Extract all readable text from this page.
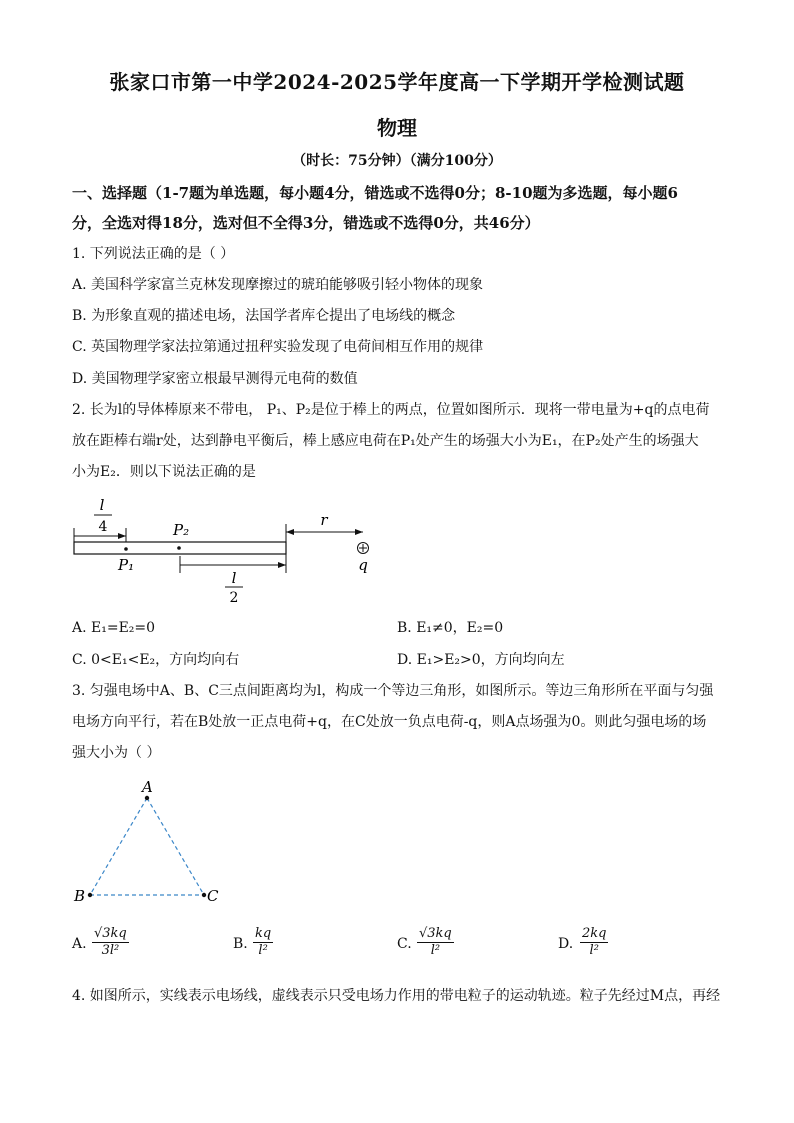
张家口市第一中学2024-2025学年度高一下学期开学检测试题
物理
（时长：75分钟）（满分100分）
一、选择题（1-7题为单选题，每小题4分，错选或不选得0分；8-10题为多选题，每小题6
分，全选对得18分，选对但不全得3分，错选或不选得0分，共46分）
1. 下列说法正确的是（ ）
A. 美国科学家富兰克林发现摩擦过的琥珀能够吸引轻小物体的现象
B. 为形象直观的描述电场，法国学者库仑提出了电场线的概念
C. 英国物理学家法拉第通过扭秤实验发现了电荷间相互作用的规律
D. 美国物理学家密立根最早测得元电荷的数值
2. 长为l的导体棒原来不带电， P₁、P₂是位于棒上的两点，位置如图所示．现将一带电量为+q的点电荷
放在距棒右端r处，达到静电平衡后，棒上感应电荷在P₁处产生的场强大小为E₁，在P₂处产生的场强大
小为E₂．则以下说法正确的是
l
4	P₂
P₁
r
q
l
2
A. E₁=E₂=0	B. E₁≠0，E₂=0
C. 0<E₁<E₂，方向均向右	D. E₁>E₂>0，方向均向左
3. 匀强电场中A、B、C三点间距离均为l，构成一个等边三角形，如图所示。等边三角形所在平面与匀强
电场方向平行，若在B处放一正点电荷+q，在C处放一负点电荷-q，则A点场强为0。则此匀强电场的场
强大小为（ ）
A
B	C
A. $\frac{√3kq}{\text{3l²}}$	B. $\frac{kq}{\text{l²}}$	C. $\frac{√3kq}{\text{l²}}$	D. $\frac{2kq}{\text{l²}}$
4. 如图所示，实线表示电场线，虚线表示只受电场力作用的带电粒子的运动轨迹。粒子先经过M点，再经
